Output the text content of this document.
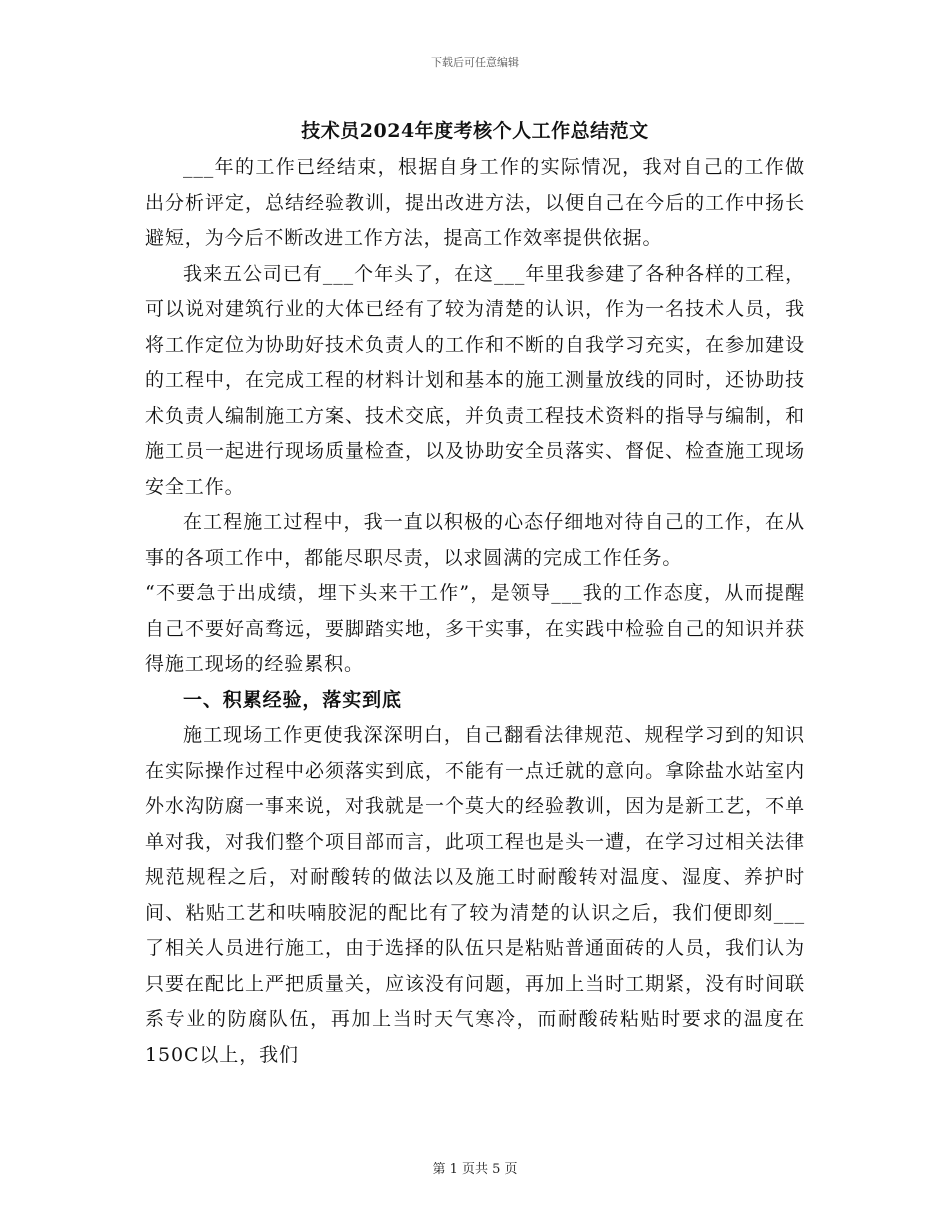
下载后可任意编辑
技术员2024年度考核个人工作总结范文

___年的工作已经结束，根据自身工作的实际情况，我对自己的工作做出分析评定，总结经验教训，提出改进方法，以便自己在今后的工作中扬长避短，为今后不断改进工作方法，提高工作效率提供依据。

我来五公司已有___个年头了，在这___年里我参建了各种各样的工程，可以说对建筑行业的大体已经有了较为清楚的认识，作为一名技术人员，我将工作定位为协助好技术负责人的工作和不断的自我学习充实，在参加建设的工程中，在完成工程的材料计划和基本的施工测量放线的同时，还协助技术负责人编制施工方案、技术交底，并负责工程技术资料的指导与编制，和施工员一起进行现场质量检查，以及协助安全员落实、督促、检查施工现场安全工作。

在工程施工过程中，我一直以积极的心态仔细地对待自己的工作，在从事的各项工作中，都能尽职尽责，以求圆满的完成工作任务。

“不要急于出成绩，埋下头来干工作”，是领导___我的工作态度，从而提醒自己不要好高骛远，要脚踏实地，多干实事，在实践中检验自己的知识并获得施工现场的经验累积。

一、积累经验，落实到底

施工现场工作更使我深深明白，自己翻看法律规范、规程学习到的知识在实际操作过程中必须落实到底，不能有一点迁就的意向。拿除盐水站室内外水沟防腐一事来说，对我就是一个莫大的经验教训，因为是新工艺，不单单对我，对我们整个项目部而言，此项工程也是头一遭，在学习过相关法律规范规程之后，对耐酸转的做法以及施工时耐酸转对温度、湿度、养护时间、粘贴工艺和呋喃胶泥的配比有了较为清楚的认识之后，我们便即刻___了相关人员进行施工，由于选择的队伍只是粘贴普通面砖的人员，我们认为只要在配比上严把质量关，应该没有问题，再加上当时工期紧，没有时间联系专业的防腐队伍，再加上当时天气寒冷，而耐酸砖粘贴时要求的温度在150C以上，我们

第 1 页共 5 页
